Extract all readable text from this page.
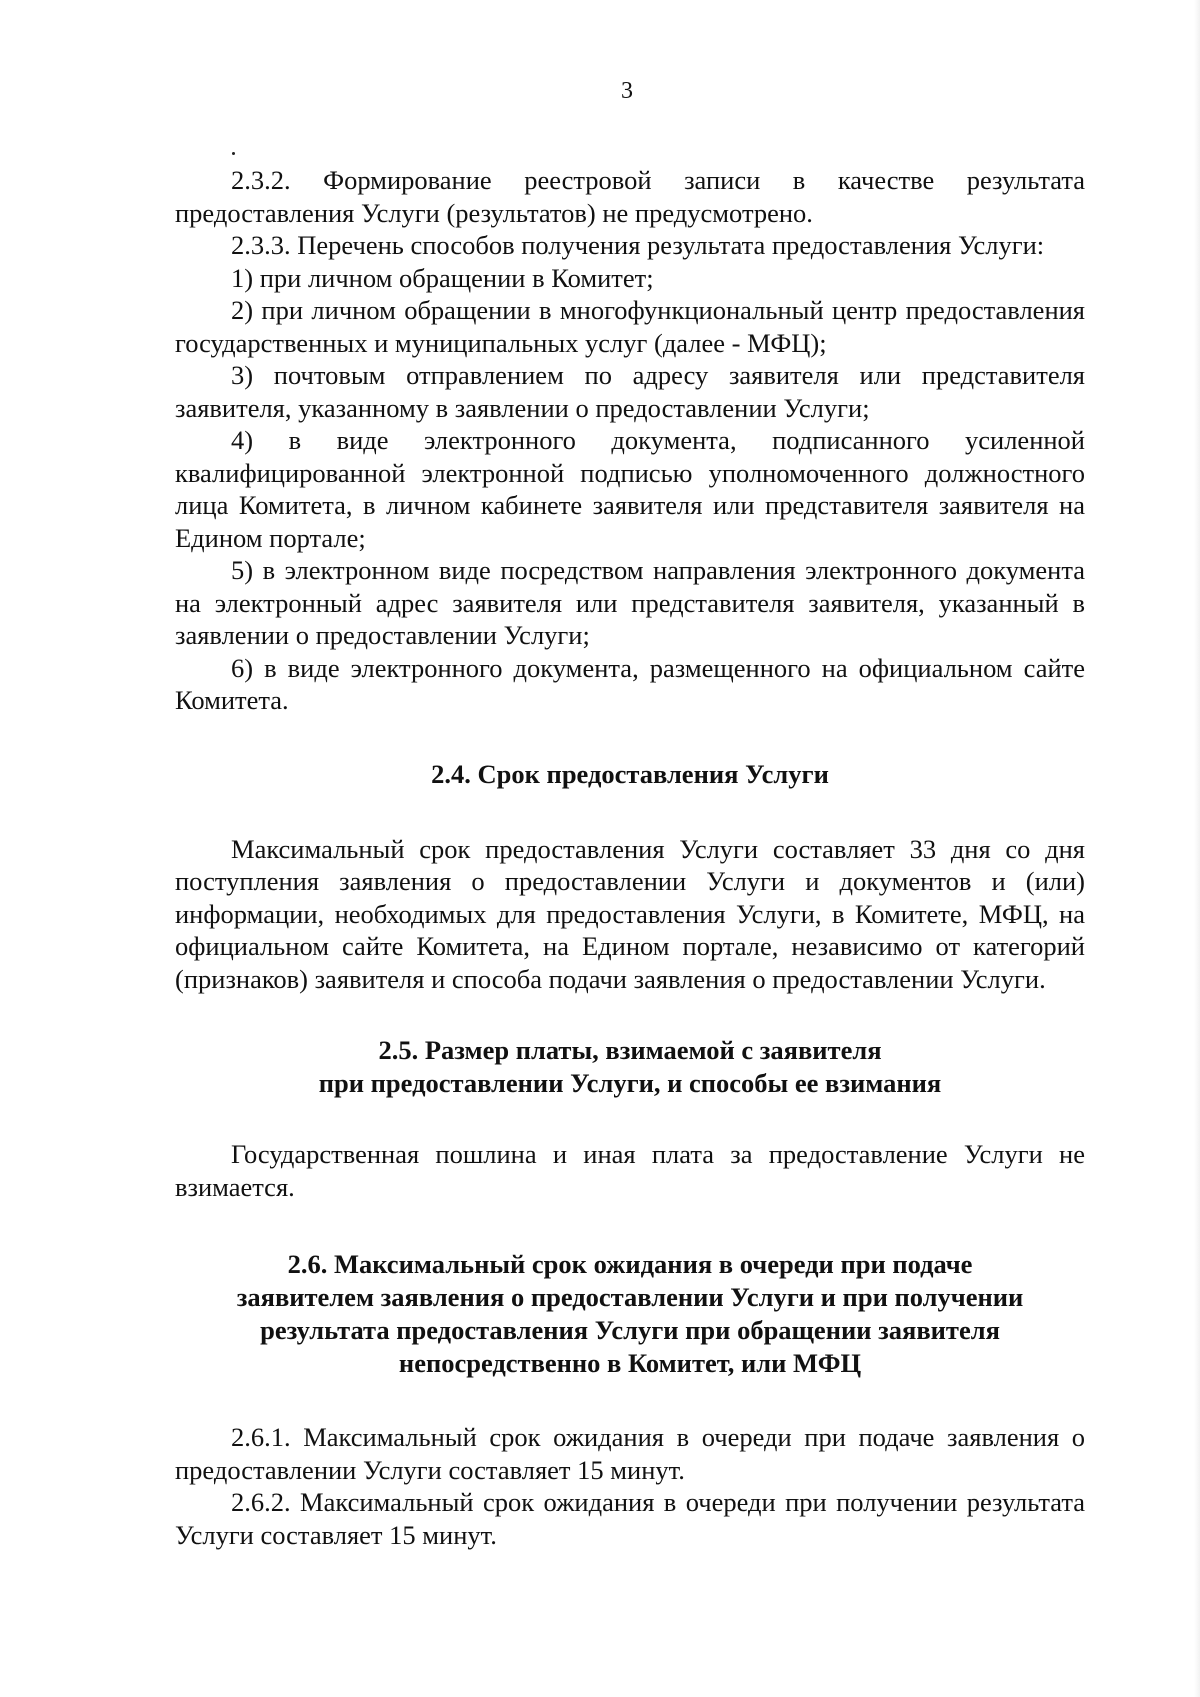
3

2.3.2. Формирование реестровой записи в качестве результата предоставления Услуги (результатов) не предусмотрено.

2.3.3. Перечень способов получения результата предоставления Услуги:

1) при личном обращении в Комитет;

2) при личном обращении в многофункциональный центр предоставления государственных и муниципальных услуг (далее - МФЦ);

3) почтовым отправлением по адресу заявителя или представителя заявителя, указанному в заявлении о предоставлении Услуги;

4) в виде электронного документа, подписанного усиленной квалифицированной электронной подписью уполномоченного должностного лица Комитета, в личном кабинете заявителя или представителя заявителя на Едином портале;

5) в электронном виде посредством направления электронного документа на электронный адрес заявителя или представителя заявителя, указанный в заявлении о предоставлении Услуги;

6) в виде электронного документа, размещенного на официальном сайте Комитета.

2.4. Срок предоставления Услуги

Максимальный срок предоставления Услуги составляет 33 дня со дня поступления заявления о предоставлении Услуги и документов и (или) информации, необходимых для предоставления Услуги, в Комитете, МФЦ, на официальном сайте Комитета, на Едином портале, независимо от категорий (признаков) заявителя и способа подачи заявления о предоставлении Услуги.

2.5. Размер платы, взимаемой с заявителя
при предоставлении Услуги, и способы ее взимания

Государственная пошлина и иная плата за предоставление Услуги не взимается.

2.6. Максимальный срок ожидания в очереди при подаче
заявителем заявления о предоставлении Услуги и при получении
результата предоставления Услуги при обращении заявителя
непосредственно в Комитет, или МФЦ

2.6.1. Максимальный срок ожидания в очереди при подаче заявления о предоставлении Услуги составляет 15 минут.

2.6.2. Максимальный срок ожидания в очереди при получении результата Услуги составляет 15 минут.
